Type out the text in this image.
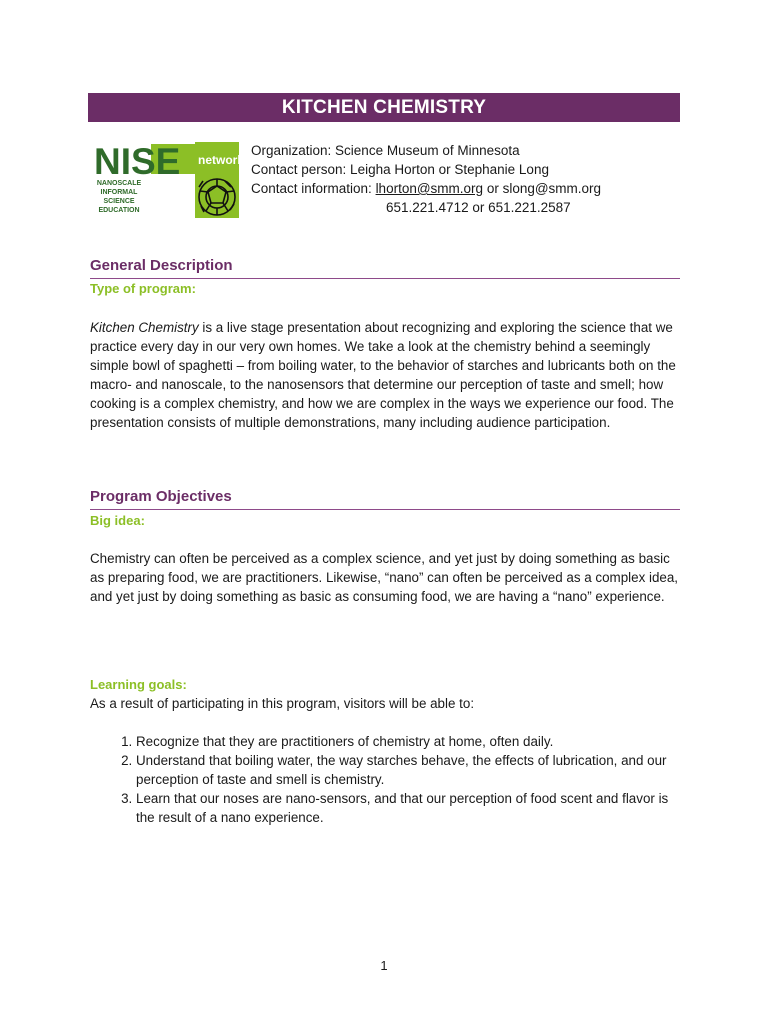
KITCHEN CHEMISTRY
NISE network
NANOSCALE
INFORMAL
SCIENCE
EDUCATION
Organization: Science Museum of Minnesota
Contact person: Leigha Horton or Stephanie Long
Contact information: lhorton@smm.org or slong@smm.org
651.221.4712 or 651.221.2587
General Description
Type of program:
Kitchen Chemistry is a live stage presentation about recognizing and exploring the science that we practice every day in our very own homes. We take a look at the chemistry behind a seemingly simple bowl of spaghetti – from boiling water, to the behavior of starches and lubricants both on the macro- and nanoscale, to the nanosensors that determine our perception of taste and smell; how cooking is a complex chemistry, and how we are complex in the ways we experience our food. The presentation consists of multiple demonstrations, many including audience participation.
Program Objectives
Big idea:
Chemistry can often be perceived as a complex science, and yet just by doing something as basic as preparing food, we are practitioners. Likewise, “nano” can often be perceived as a complex idea, and yet just by doing something as basic as consuming food, we are having a “nano” experience.
Learning goals:
As a result of participating in this program, visitors will be able to:
1. Recognize that they are practitioners of chemistry at home, often daily.
2. Understand that boiling water, the way starches behave, the effects of lubrication, and our perception of taste and smell is chemistry.
3. Learn that our noses are nano-sensors, and that our perception of food scent and flavor is the result of a nano experience.
1
